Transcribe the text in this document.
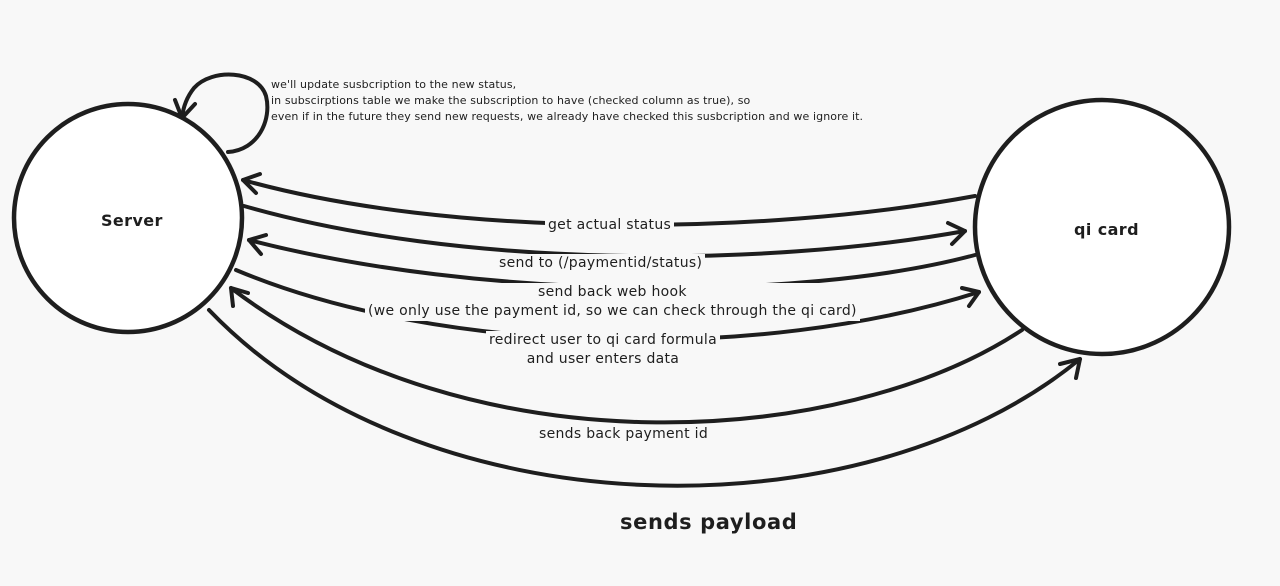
Server	qi card
we'll update susbcription to the new status,
in subscirptions table we make the subscription to have (checked column as true), so
even if in the future they send new requests, we already have checked this susbcription and we ignore it.
get actual status
send to (/paymentid/status)
send back web hook
(we only use the payment id, so we can check through the qi card)
redirect user to qi card formula
and user enters data
sends back payment id
sends payload
